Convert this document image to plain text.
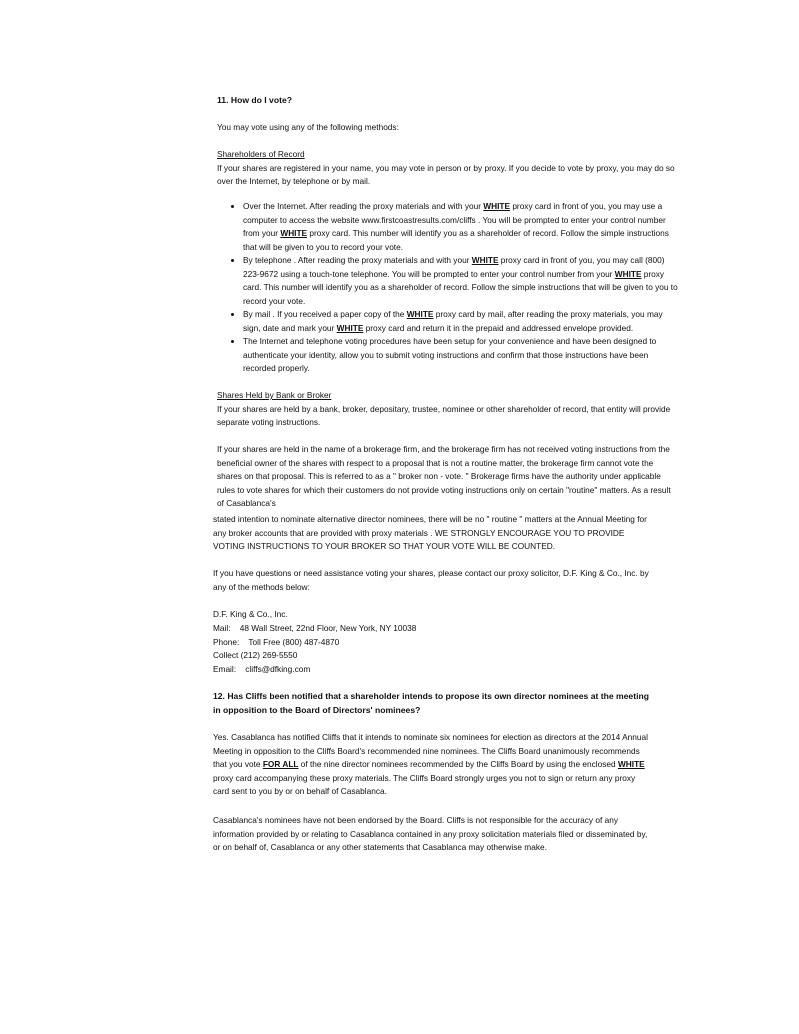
11. How do I vote?

You may vote using any of the following methods:

Shareholders of Record

If your shares are registered in your name, you may vote in person or by proxy. If you decide to vote by proxy, you may do so over the Internet, by telephone or by mail.

• Over the Internet. After reading the proxy materials and with your WHITE proxy card in front of you, you may use a computer to access the website www.firstcoastresults.com/cliffs . You will be prompted to enter your control number from your WHITE proxy card. This number will identify you as a shareholder of record. Follow the simple instructions that will be given to you to record your vote.
• By telephone . After reading the proxy materials and with your WHITE proxy card in front of you, you may call (800) 223-9672 using a touch-tone telephone. You will be prompted to enter your control number from your WHITE proxy card. This number will identify you as a shareholder of record. Follow the simple instructions that will be given to you to record your vote.
• By mail . If you received a paper copy of the WHITE proxy card by mail, after reading the proxy materials, you may sign, date and mark your WHITE proxy card and return it in the prepaid and addressed envelope provided.
• The Internet and telephone voting procedures have been setup for your convenience and have been designed to authenticate your identity, allow you to submit voting instructions and confirm that those instructions have been recorded properly.

Shares Held by Bank or Broker

If your shares are held by a bank, broker, depositary, trustee, nominee or other shareholder of record, that entity will provide separate voting instructions.

If your shares are held in the name of a brokerage firm, and the brokerage firm has not received voting instructions from the beneficial owner of the shares with respect to a proposal that is not a routine matter, the brokerage firm cannot vote the shares on that proposal. This is referred to as a " broker non - vote. " Brokerage firms have the authority under applicable rules to vote shares for which their customers do not provide voting instructions only on certain "routine" matters. As a result of Casablanca's

stated intention to nominate alternative director nominees, there will be no " routine " matters at the Annual Meeting for any broker accounts that are provided with proxy materials . WE STRONGLY ENCOURAGE YOU TO PROVIDE VOTING INSTRUCTIONS TO YOUR BROKER SO THAT YOUR VOTE WILL BE COUNTED.

If you have questions or need assistance voting your shares, please contact our proxy solicitor, D.F. King & Co., Inc. by any of the methods below:

D.F. King & Co., Inc.

Mail:    48 Wall Street, 22nd Floor, New York, NY 10038

Phone:    Toll Free (800) 487-4870

Collect (212) 269-5550

Email:    cliffs@dfking.com

12. Has Cliffs been notified that a shareholder intends to propose its own director nominees at the meeting in opposition to the Board of Directors' nominees?

Yes. Casablanca has notified Cliffs that it intends to nominate six nominees for election as directors at the 2014 Annual Meeting in opposition to the Cliffs Board's recommended nine nominees. The Cliffs Board unanimously recommends that you vote FOR ALL of the nine director nominees recommended by the Cliffs Board by using the enclosed WHITE proxy card accompanying these proxy materials. The Cliffs Board strongly urges you not to sign or return any proxy card sent to you by or on behalf of Casablanca.

Casablanca's nominees have not been endorsed by the Board. Cliffs is not responsible for the accuracy of any information provided by or relating to Casablanca contained in any proxy solicitation materials filed or disseminated by, or on behalf of, Casablanca or any other statements that Casablanca may otherwise make.
